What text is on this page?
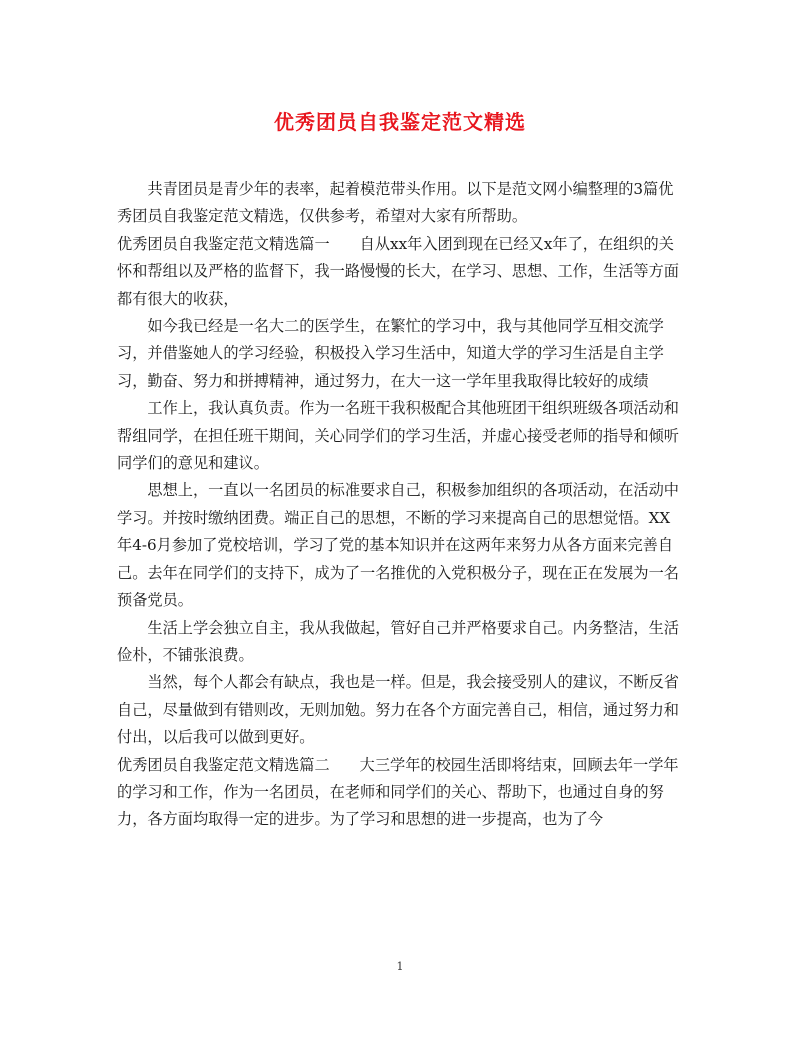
优秀团员自我鉴定范文精选

共青团员是青少年的表率，起着模范带头作用。以下是范文网小编整理的3篇优秀团员自我鉴定范文精选，仅供参考，希望对大家有所帮助。

优秀团员自我鉴定范文精选篇一 自从xx年入团到现在已经又x年了，在组织的关怀和帮组以及严格的监督下，我一路慢慢的长大，在学习、思想、工作，生活等方面都有很大的收获，

如今我已经是一名大二的医学生，在繁忙的学习中，我与其他同学互相交流学习，并借鉴她人的学习经验，积极投入学习生活中，知道大学的学习生活是自主学习，勤奋、努力和拼搏精神，通过努力，在大一这一学年里我取得比较好的成绩

工作上，我认真负责。作为一名班干我积极配合其他班团干组织班级各项活动和帮组同学，在担任班干期间，关心同学们的学习生活，并虚心接受老师的指导和倾听同学们的意见和建议。

思想上，一直以一名团员的标准要求自己，积极参加组织的各项活动，在活动中学习。并按时缴纳团费。端正自己的思想，不断的学习来提高自己的思想觉悟。XX年4-6月参加了党校培训，学习了党的基本知识并在这两年来努力从各方面来完善自己。去年在同学们的支持下，成为了一名推优的入党积极分子，现在正在发展为一名预备党员。

生活上学会独立自主，我从我做起，管好自己并严格要求自己。内务整洁，生活俭朴，不铺张浪费。

当然，每个人都会有缺点，我也是一样。但是，我会接受别人的建议，不断反省自己，尽量做到有错则改，无则加勉。努力在各个方面完善自己，相信，通过努力和付出，以后我可以做到更好。

优秀团员自我鉴定范文精选篇二 大三学年的校园生活即将结束，回顾去年一学年的学习和工作，作为一名团员，在老师和同学们的关心、帮助下，也通过自身的努力，各方面均取得一定的进步。为了学习和思想的进一步提高，也为了今

1
